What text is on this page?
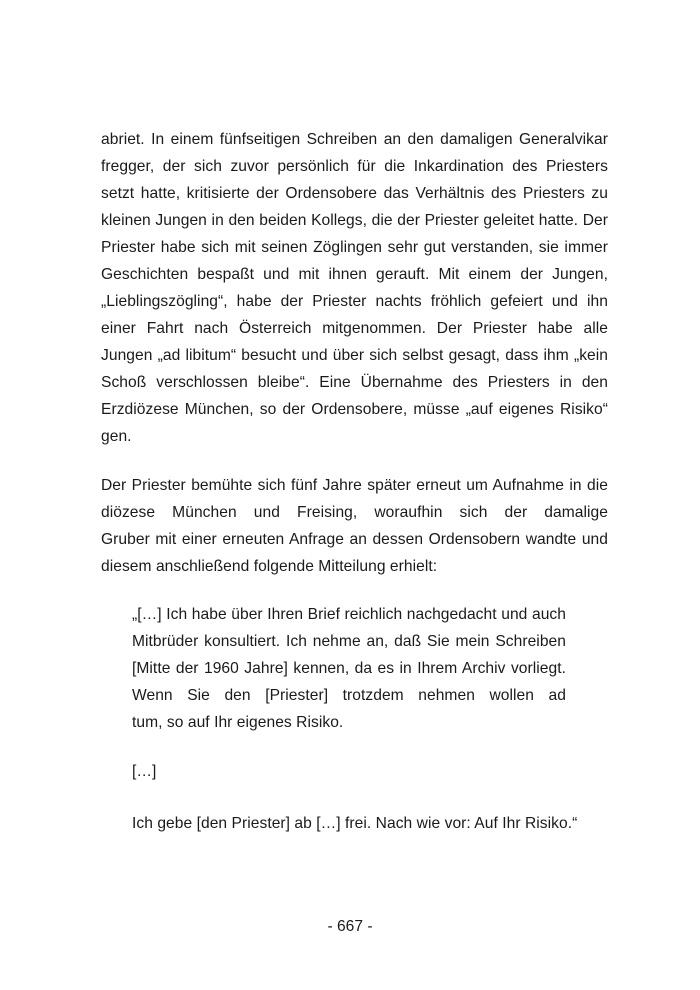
abriet. In einem fünfseitigen Schreiben an den damaligen Generalvikar
fregger, der sich zuvor persönlich für die Inkardination des Priesters
setzt hatte, kritisierte der Ordensobere das Verhältnis des Priesters zu
kleinen Jungen in den beiden Kollegs, die der Priester geleitet hatte. Der
Priester habe sich mit seinen Zöglingen sehr gut verstanden, sie immer
Geschichten bespaßt und mit ihnen gerauft. Mit einem der Jungen,
„Lieblingszögling“, habe der Priester nachts fröhlich gefeiert und ihn
einer Fahrt nach Österreich mitgenommen. Der Priester habe alle
Jungen „ad libitum“ besucht und über sich selbst gesagt, dass ihm „kein
Schoß verschlossen bleibe“. Eine Übernahme des Priesters in den
Erzdiözese München, so der Ordensobere, müsse „auf eigenes Risiko“
gen.
Der Priester bemühte sich fünf Jahre später erneut um Aufnahme in die
diözese München und Freising, woraufhin sich der damalige
Gruber mit einer erneuten Anfrage an dessen Ordensobern wandte und
diesem anschließend folgende Mitteilung erhielt:
„[…] Ich habe über Ihren Brief reichlich nachgedacht und auch
Mitbrüder konsultiert. Ich nehme an, daß Sie mein Schreiben
[Mitte der 1960 Jahre] kennen, da es in Ihrem Archiv vorliegt.
Wenn Sie den [Priester] trotzdem nehmen wollen ad
tum, so auf Ihr eigenes Risiko.
[…]
Ich gebe [den Priester] ab […] frei. Nach wie vor: Auf Ihr Risiko.“
- 667 -
